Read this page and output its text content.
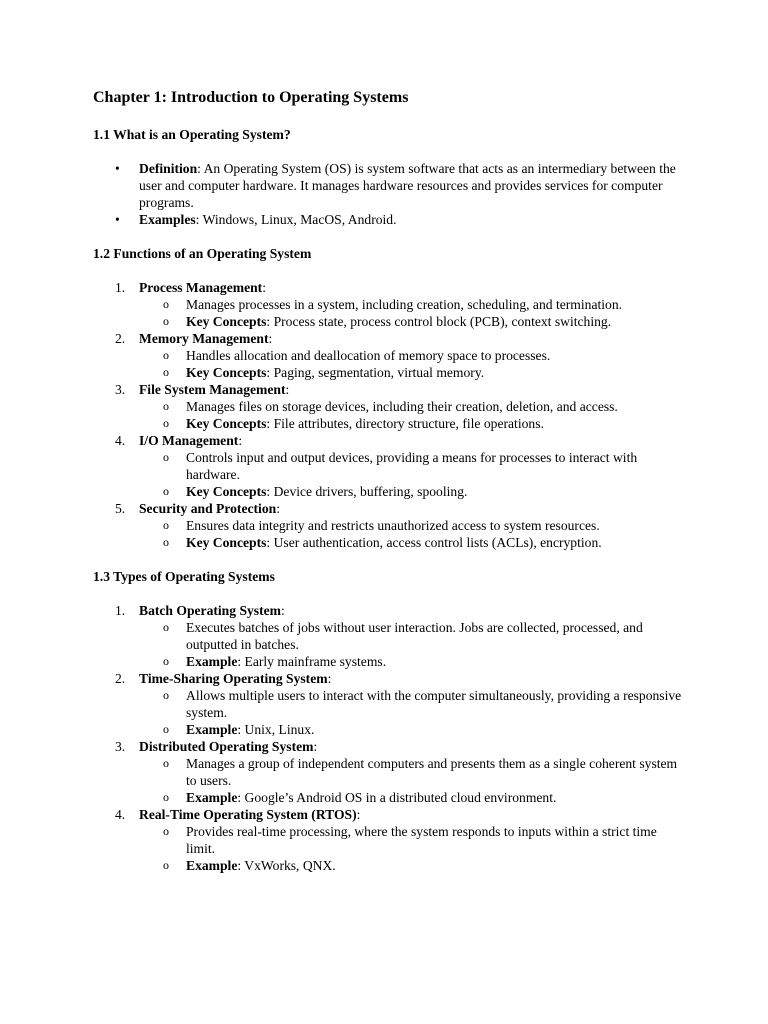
Chapter 1: Introduction to Operating Systems
1.1 What is an Operating System?
•	Definition: An Operating System (OS) is system software that acts as an intermediary between the user and computer hardware. It manages hardware resources and provides services for computer programs.
•	Examples: Windows, Linux, MacOS, Android.
1.2 Functions of an Operating System
1. Process Management:
o Manages processes in a system, including creation, scheduling, and termination.
o Key Concepts: Process state, process control block (PCB), context switching.
2. Memory Management:
o Handles allocation and deallocation of memory space to processes.
o Key Concepts: Paging, segmentation, virtual memory.
3. File System Management:
o Manages files on storage devices, including their creation, deletion, and access.
o Key Concepts: File attributes, directory structure, file operations.
4. I/O Management:
o Controls input and output devices, providing a means for processes to interact with hardware.
o Key Concepts: Device drivers, buffering, spooling.
5. Security and Protection:
o Ensures data integrity and restricts unauthorized access to system resources.
o Key Concepts: User authentication, access control lists (ACLs), encryption.
1.3 Types of Operating Systems
1. Batch Operating System:
o Executes batches of jobs without user interaction. Jobs are collected, processed, and outputted in batches.
o Example: Early mainframe systems.
2. Time-Sharing Operating System:
o Allows multiple users to interact with the computer simultaneously, providing a responsive system.
o Example: Unix, Linux.
3. Distributed Operating System:
o Manages a group of independent computers and presents them as a single coherent system to users.
o Example: Google’s Android OS in a distributed cloud environment.
4. Real-Time Operating System (RTOS):
o Provides real-time processing, where the system responds to inputs within a strict time limit.
o Example: VxWorks, QNX.
